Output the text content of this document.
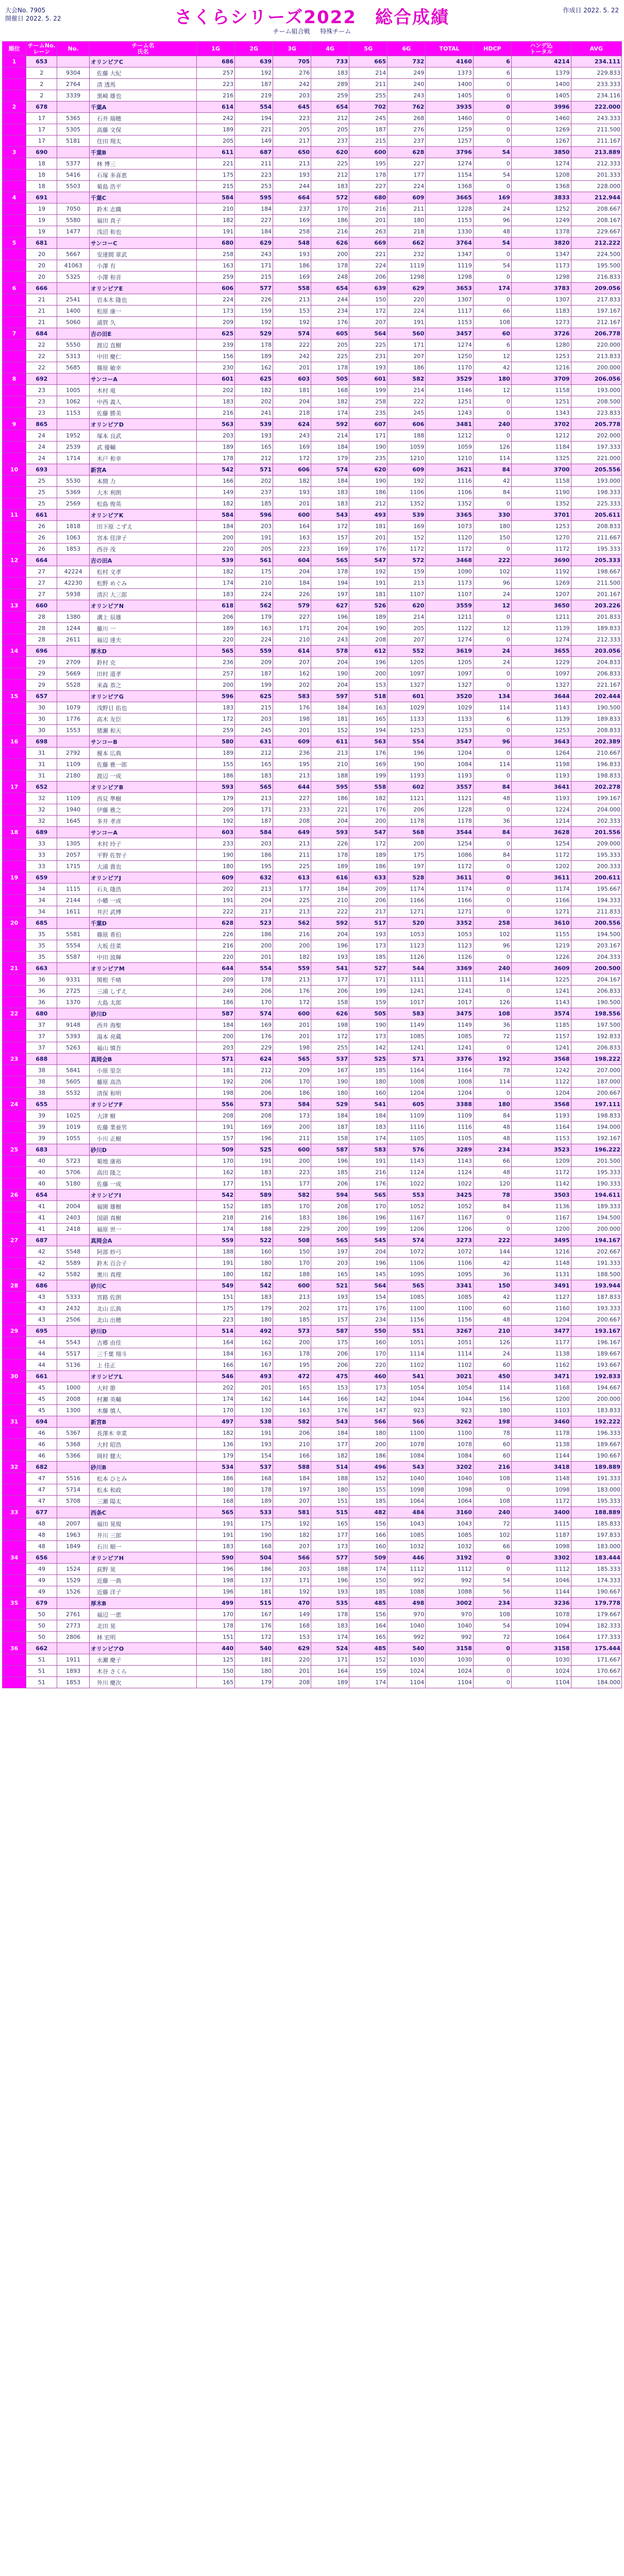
大会No. 7905
開催日 2022. 5. 22	さくらシリーズ2022　総合成績	作成日 2022. 5. 22
チーム組合戦 特殊チーム
順位	チームNo.
レーン	No.	チーム名
氏名	1G	2G	3G	4G	5G	6G	TOTAL	HDCP	ハンデ込
トータル	AVG
1	653		オリンピアC	686	639	705	733	665	732	4160	6	4214	234.111
	2	9304	佐藤 大紀	257	192	276	183	214	249	1373	6	1379	229.833
	2	2764	清 透馬	223	187	242	289	211	240	1400	0	1400	233.333
	2	3339	黒崎 雄也	216	219	203	259	255	243	1405	0	1405	234.116
2	678		千葉A	614	554	645	654	702	762	3935	0	3996	222.000
	17	5365	石井 瑞穂	242	194	223	212	245	268	1460	0	1460	243.333
	17	5305	高藤 文保	189	221	205	205	187	276	1259	0	1269	211.500
	17	5181	住田 翔太	205	149	217	237	215	237	1257	0	1267	211.167
3	690		千葉B	611	687	650	620	600	628	3796	54	3850	213.889
	18	5377	林 博三	221	211	213	225	195	227	1274	0	1274	212.333
	18	5416	石塚 多喜恵	175	223	193	212	178	177	1154	54	1208	201.333
	18	5503	菊島 浩平	215	253	244	183	227	224	1368	0	1368	228.000
4	691		千葉C	584	595	664	572	680	609	3665	169	3833	212.944
	19	7050	鈴木 志織	210	184	237	170	216	211	1228	24	1252	208.667
	19	5580	福田 真子	182	227	169	186	201	180	1153	96	1249	208.167
	19	1477	浅沼 和也	191	184	258	216	263	218	1330	48	1378	229.667
5	681		サンコーC	680	629	548	626	669	662	3764	54	3820	212.222
	20	5667	安達間 章武	258	243	193	200	221	232	1347	0	1347	224.500
	20	41063	小澤 有	163	171	186	178	224	1119	1119	54	1173	195.500
	20	5325	小澤 和音	259	215	169	248	206	1298	1298	0	1298	216.833
6	666		オリンピアE	606	577	558	654	639	629	3653	174	3783	209.056
	21	2541	岩本木 隆也	224	226	213	244	150	220	1307	0	1307	217.833
	21	1400	松原 康一	173	159	153	234	172	224	1117	66	1183	197.167
	21	5060	浦賀 久	209	192	192	176	207	191	1153	108	1273	212.167
7	684		吉の田E	625	529	574	605	564	560	3457	60	3726	206.778
	22	5550	渡辺 直樹	239	178	222	205	225	171	1274	6	1280	220.000
	22	5313	中田 慶仁	156	189	242	225	231	207	1250	12	1253	213.833
	22	5685	篠原 敏幸	230	162	201	178	193	186	1170	42	1216	200.000
8	692		サンコーA	601	625	603	505	601	582	3529	180	3709	206.056
	23	1005	木村 竜	202	182	181	168	199	214	1146	12	1158	193.000
	23	1062	中西 義人	183	202	204	182	258	222	1251	0	1251	208.500
	23	1153	佐藤 勝美	216	241	218	174	235	245	1243	0	1343	223.833
9	865		オリンピアD	563	539	624	592	607	606	3481	240	3702	205.778
	24	1952	塚本 良武	203	193	243	214	171	188	1212	0	1212	202.000
	24	2539	武 優輔	189	165	169	184	190	1059	1059	126	1184	197.333
	24	1714	木戸 和幸	178	212	172	179	235	1210	1210	114	1325	221.000
10	693		新宮A	542	571	606	574	620	609	3621	84	3700	205.556
	25	5530	本間 力	166	202	182	184	190	192	1116	42	1158	193.000
	25	5369	大木 利朗	149	237	193	183	186	1106	1106	84	1190	198.333
	25	2569	松島 俊英	182	185	201	183	212	1352	1352	0	1352	225.333
11	661		オリンピアK	584	596	600	543	493	539	3365	330	3701	205.611
	26	1818	田下原 こずえ	184	203	164	172	181	169	1073	180	1253	208.833
	26	1063	宮本 佳津子	200	191	163	157	201	152	1120	150	1270	211.667
	26	1853	西谷 茂	220	205	223	169	176	1172	1172	0	1172	195.333
12	664		吉の田A	539	561	604	565	547	572	3468	222	3690	205.333
	27	42224	松村 文孝	182	175	204	178	192	159	1090	102	1192	198.667
	27	42230	松野 めぐみ	174	210	184	194	191	213	1173	96	1269	211.500
	27	5938	清沢 大三郎	183	224	226	197	181	1107	1107	24	1207	201.167
13	660		オリンピアN	618	562	579	627	526	620	3559	12	3650	203.226
	28	1380	溝上 辰雄	206	179	227	196	189	214	1211	0	1211	201.833
	28	1244	藤川 一	189	163	171	204	190	205	1122	12	1139	189.833
	28	2611	福辺 達夫	220	224	210	243	208	207	1274	0	1274	212.333
14	696		厚木D	565	559	614	578	612	552	3619	24	3655	203.056
	29	2709	鈴村 克	236	209	207	204	196	1205	1205	24	1229	204.833
	29	5669	田村 道孝	257	187	162	190	200	1097	1097	0	1097	206.833
	29	5528	米森 恭之	200	199	202	204	153	1327	1327	0	1327	221.167
15	657		オリンピアG	596	625	583	597	518	601	3520	134	3644	202.444
	30	1079	浅野目 佑也	183	215	176	184	163	1029	1029	114	1143	190.500
	30	1776	高木 友臣	172	203	198	181	165	1133	1133	6	1139	189.833
	30	1553	猪瀬 和天	259	245	201	152	194	1253	1253	0	1253	208.833
16	698		サンコーB	580	631	609	611	563	554	3547	96	3643	202.389
	31	2792	榎本 広典	189	212	236	213	176	196	1204	0	1264	210.667
	31	1109	佐藤 雅一郎	155	165	195	210	169	190	1084	114	1198	196.833
	31	2180	渡辺 一成	186	183	213	188	199	1193	1193	0	1193	198.833
17	652		オリンピアB	593	565	644	595	558	602	3557	84	3641	202.278
	32	1109	西見 準樹	179	213	227	186	182	1121	1121	48	1193	199.167
	32	1940	伊藤 雅之	209	171	233	221	176	206	1228	0	1224	204.000
	32	1645	多井 孝彦	192	187	208	204	200	1178	1178	36	1214	202.333
18	689		サンコーA	603	584	649	593	547	568	3544	84	3628	201.556
	33	1305	木村 玲子	233	203	213	226	172	200	1254	0	1254	209.000
	33	2057	平野 佐智子	190	186	211	178	189	175	1086	84	1172	195.333
	33	1715	大浦 貴也	180	195	225	189	186	197	1172	0	1202	200.333
19	659		オリンピアJ	609	632	613	616	633	528	3611	0	3611	200.611
	34	1115	石丸 隆浩	202	213	177	184	209	1174	1174	0	1174	195.667
	34	2144	小幡 一成	191	204	225	210	206	1166	1166	0	1166	194.333
	34	1611	井沢 武博	222	217	213	222	217	1271	1271	0	1271	211.833
20	685		千葉D	628	523	562	592	517	520	3352	258	3610	200.556
	35	5581	篠原 希伯	226	186	216	204	193	1053	1053	102	1155	194.500
	35	5554	大坂 佳菜	216	200	200	196	173	1123	1123	96	1219	203.167
	35	5587	中田 波輝	220	201	182	193	185	1126	1126	0	1226	204.333
21	663		オリンピアM	644	554	559	541	527	544	3369	240	3609	200.500
	36	9331	関根 千晴	209	178	213	177	171	1111	1111	114	1225	204.167
	36	2725	三浦 しずえ	249	206	176	206	199	1241	1241	0	1241	206.833
	36	1370	大島 太郎	186	170	172	158	159	1017	1017	126	1143	190.500
22	680		砂川D	587	574	600	626	505	583	3475	108	3574	198.556
	37	9148	西井 海聖	184	169	201	198	190	1149	1149	36	1185	197.500
	37	5393	湯本 亮蔵	200	176	201	172	173	1085	1085	72	1157	192.833
	37	5263	福山 慎吾	203	229	198	255	142	1241	1241	0	1241	206.833
23	688		真岡会B	571	624	565	537	525	571	3376	192	3568	198.222
	38	5841	小原 里奈	181	212	209	167	185	1164	1164	78	1242	207.000
	38	5605	藤原 高浩	192	206	170	190	180	1008	1008	114	1122	187.000
	38	5532	清保 和明	198	206	186	180	160	1204	1204	0	1204	200.667
24	655		オリンピアF	556	573	584	529	541	605	3388	180	3568	197.111
	39	1025	大津 樹	208	208	173	184	184	1109	1109	84	1193	198.833
	39	1019	佐藤 業亜男	191	169	200	187	183	1116	1116	48	1164	194.000
	39	1055	小川 正樹	157	196	211	158	174	1105	1105	48	1153	192.167
25	683		砂川D	509	525	600	587	583	576	3289	234	3523	196.222
	40	5723	菊地 康裕	170	191	200	196	191	1143	1143	66	1209	201.500
	40	5706	高田 隆之	162	183	223	185	216	1124	1124	48	1172	195.333
	40	5180	佐藤 一成	177	151	177	206	176	1022	1022	120	1142	190.333
26	654		オリンピアI	542	589	582	594	565	553	3425	78	3503	194.611
	41	2004	福園 雄樹	152	185	170	208	170	1052	1052	84	1136	189.333
	41	2403	国頭 真樹	218	216	183	186	196	1167	1167	0	1167	194.500
	41	2418	福原 世一	174	188	229	200	199	1206	1206	0	1200	200.000
27	687		真岡会A	559	522	508	565	545	574	3273	222	3495	194.167
	42	5548	阿部 紗弓	188	160	150	197	204	1072	1072	144	1216	202.667
	42	5589	鈴木 百合子	191	180	170	203	196	1106	1106	42	1148	191.333
	42	5582	奥川 真理	180	182	188	165	145	1095	1095	36	1131	188.500
28	686		砂川C	549	542	600	521	564	565	3341	150	3491	193.944
	43	5333	宮路 佐朗	151	183	213	193	154	1085	1085	42	1127	187.833
	43	2432	北山 広典	175	179	202	171	176	1100	1100	60	1160	193.333
	43	2506	北山 出穂	223	180	185	157	234	1156	1156	48	1204	200.667
29	695		砂川D	514	492	573	587	550	551	3267	210	3477	193.167
	44	5543	古郷 由佳	164	162	200	175	160	1051	1051	126	1177	196.167
	44	5517	三千葉 翔斗	184	163	178	206	170	1114	1114	24	1138	189.667
	44	5136	上 佳正	166	167	195	206	220	1102	1102	60	1162	193.667
30	661		オリンピアL	546	493	472	475	460	541	3021	450	3471	192.833
	45	1000	大村 節	202	201	165	153	173	1054	1054	114	1168	194.667
	45	2008	村瀬 英輔	174	162	144	166	142	1044	1044	156	1200	200.000
	45	1300	木藤 慎人	170	130	163	176	147	923	923	180	1103	183.833
31	694		新宮B	497	538	582	543	566	566	3262	198	3460	192.222
	46	5367	長澤木 幸菜	182	191	206	184	180	1100	1100	78	1178	196.333
	46	5368	大村 昭浩	136	193	210	177	200	1078	1078	60	1138	189.667
	46	5366	岡村 健大	179	154	166	182	186	1084	1084	60	1144	190.667
32	682		砂川B	534	537	588	514	496	543	3202	216	3418	189.889
	47	5516	松本 ひとみ	186	168	184	188	152	1040	1040	108	1148	191.333
	47	5714	松本 和政	180	178	197	180	155	1098	1098	0	1098	183.000
	47	5708	三瀬 陽太	168	189	207	151	185	1064	1064	108	1172	195.333
33	677		西条C	565	533	581	515	482	484	3160	240	3400	188.889
	48	2007	福田 晃規	191	175	192	165	156	1043	1043	72	1115	185.833
	48	1963	井川 三郎	191	190	182	177	166	1085	1085	102	1187	197.833
	48	1849	石川 順一	183	168	207	173	160	1032	1032	66	1098	183.000
34	656		オリンピアH	590	504	566	577	509	446	3192	0	3302	183.444
	49	1524	荻野 晃	196	186	203	188	174	1112	1112	0	1112	185.333
	49	1529	近藤 一典	198	137	171	196	150	992	992	54	1046	174.333
	49	1526	近藤 洋子	196	181	192	193	185	1088	1088	56	1144	190.667
35	679		厚木B	499	515	470	535	485	498	3002	234	3236	179.778
	50	2761	福辺 一恵	170	167	149	178	156	970	970	108	1078	179.667
	50	2773	北田 晃	178	176	168	183	164	1040	1040	54	1094	182.333
	50	2806	林 宏明	151	172	153	174	165	992	992	72	1064	177.333
36	662		オリンピアO	440	540	629	524	485	540	3158	0	3158	175.444
	51	1911	永瀬 慶子	125	181	220	171	152	1030	1030	0	1030	171.667
	51	1893	木谷 さくら	150	180	201	164	159	1024	1024	0	1024	170.667
	51	1853	外川 慶次	165	179	208	189	174	1104	1104	0	1104	184.000
